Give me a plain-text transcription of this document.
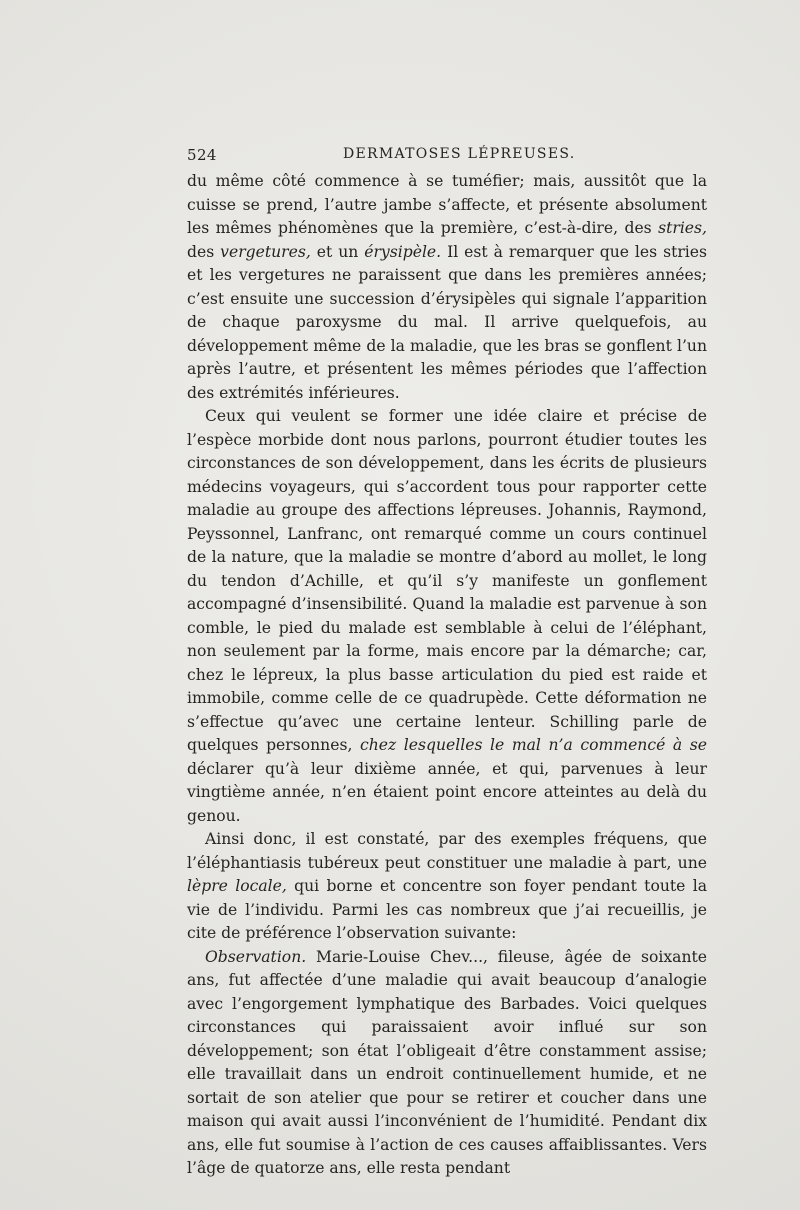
524	DERMATOSES LÉPREUSES.

du même côté commence à se tuméfier; mais, aussitôt que la cuisse se prend, l’autre jambe s’affecte, et présente absolument les mêmes phénomènes que la première, c’est-à-dire, des stries, des vergetures, et un érysipèle. Il est à remarquer que les stries et les vergetures ne paraissent que dans les premières années; c’est ensuite une succession d’érysipèles qui signale l’apparition de chaque paroxysme du mal. Il arrive quelquefois, au développement même de la maladie, que les bras se gonflent l’un après l’autre, et présentent les mêmes périodes que l’affection des extrémités inférieures.

Ceux qui veulent se former une idée claire et précise de l’espèce morbide dont nous parlons, pourront étudier toutes les circonstances de son développement, dans les écrits de plusieurs médecins voyageurs, qui s’accordent tous pour rapporter cette maladie au groupe des affections lépreuses. Johannis, Raymond, Peyssonnel, Lanfranc, ont remarqué comme un cours continuel de la nature, que la maladie se montre d’abord au mollet, le long du tendon d’Achille, et qu’il s’y manifeste un gonflement accompagné d’insensibilité. Quand la maladie est parvenue à son comble, le pied du malade est semblable à celui de l’éléphant, non seulement par la forme, mais encore par la démarche; car, chez le lépreux, la plus basse articulation du pied est raide et immobile, comme celle de ce quadrupède. Cette déformation ne s’effectue qu’avec une certaine lenteur. Schilling parle de quelques personnes, chez lesquelles le mal n’a commencé à se déclarer qu’à leur dixième année, et qui, parvenues à leur vingtième année, n’en étaient point encore atteintes au delà du genou.

Ainsi donc, il est constaté, par des exemples fréquens, que l’éléphantiasis tubéreux peut constituer une maladie à part, une lèpre locale, qui borne et concentre son foyer pendant toute la vie de l’individu. Parmi les cas nombreux que j’ai recueillis, je cite de préférence l’observation suivante:

Observation. Marie-Louise Chev..., fileuse, âgée de soixante ans, fut affectée d’une maladie qui avait beaucoup d’analogie avec l’engorgement lymphatique des Barbades. Voici quelques circonstances qui paraissaient avoir influé sur son développement; son état l’obligeait d’être constamment assise; elle travaillait dans un endroit continuellement humide, et ne sortait de son atelier que pour se retirer et coucher dans une maison qui avait aussi l’inconvénient de l’humidité. Pendant dix ans, elle fut soumise à l’action de ces causes affaiblissantes. Vers l’âge de quatorze ans, elle resta pendant
